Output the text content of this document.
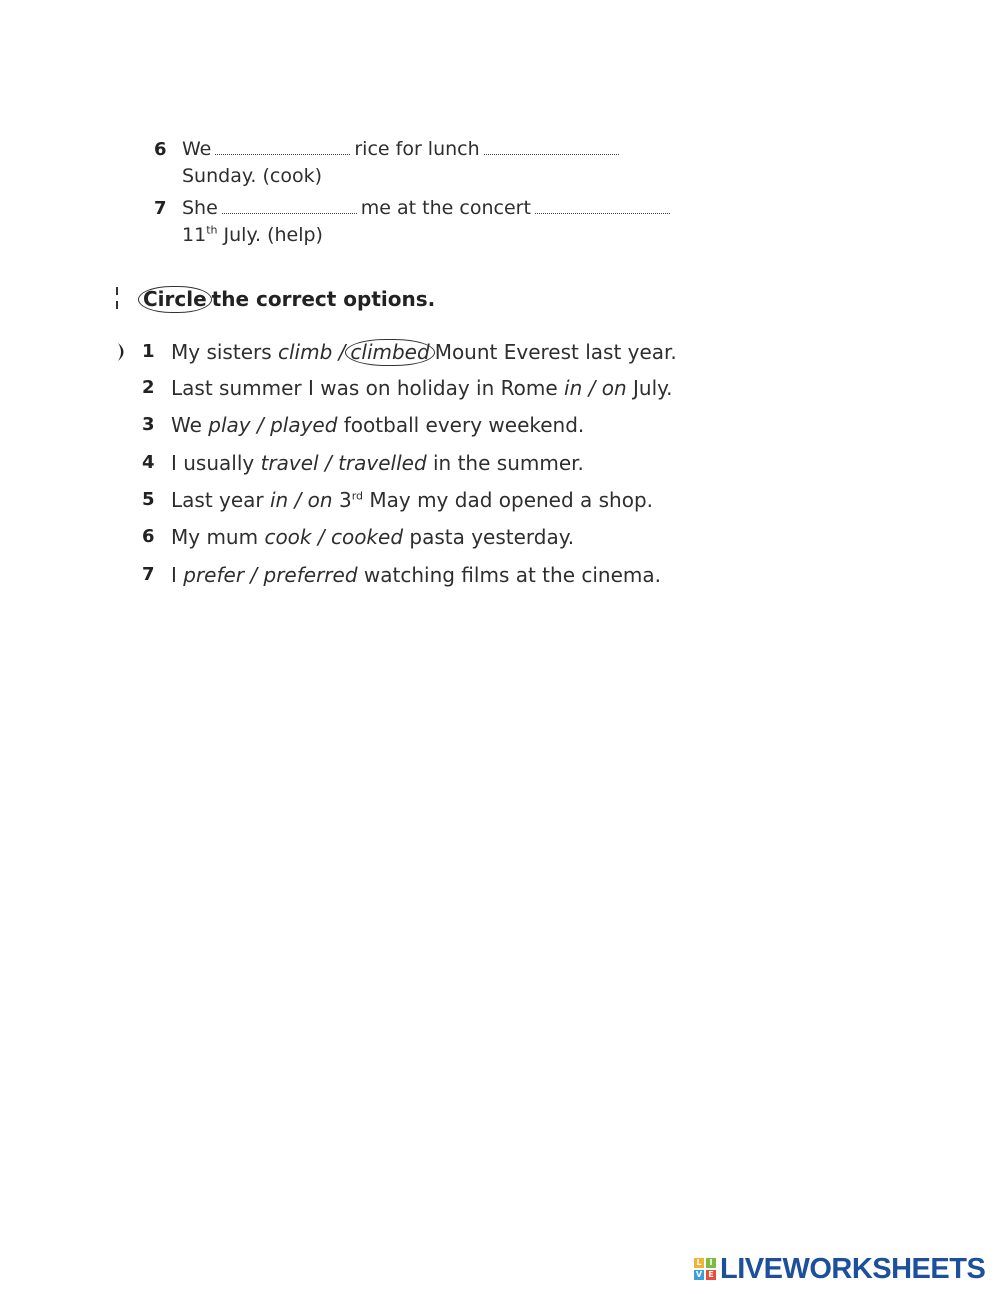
6 We	rice for lunch
Sunday. (cook)
7 She	me at the concert
11th July. (help)
Circle the correct options.
1 My sisters climb / climbed Mount Everest last year.
2 Last summer I was on holiday in Rome in / on July.
3 We play / played football every weekend.
4 I usually travel / travelled in the summer.
5 Last year in / on 3rd May my dad opened a shop.
6 My mum cook / cooked pasta yesterday.
7 I prefer / preferred watching films at the cinema.
L I
V E LIVEWORKSHEETS
